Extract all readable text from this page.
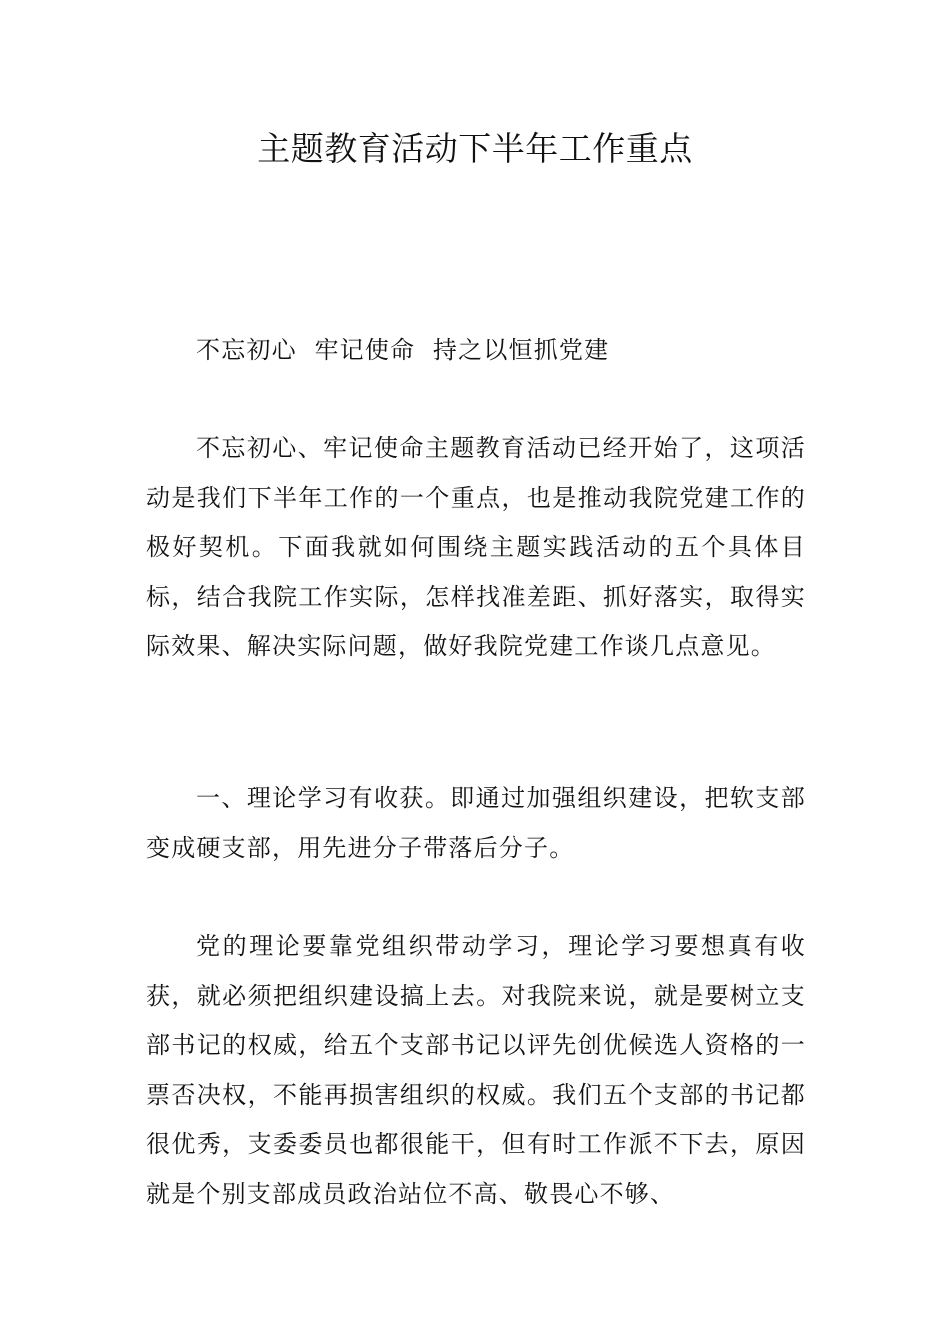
主题教育活动下半年工作重点

不忘初心  牢记使命  持之以恒抓党建

不忘初心、牢记使命主题教育活动已经开始了，这项活动是我们下半年工作的一个重点，也是推动我院党建工作的极好契机。下面我就如何围绕主题实践活动的五个具体目标，结合我院工作实际，怎样找准差距、抓好落实，取得实际效果、解决实际问题，做好我院党建工作谈几点意见。

一、理论学习有收获。即通过加强组织建设，把软支部变成硬支部，用先进分子带落后分子。

党的理论要靠党组织带动学习，理论学习要想真有收获，就必须把组织建设搞上去。对我院来说，就是要树立支部书记的权威，给五个支部书记以评先创优候选人资格的一票否决权，不能再损害组织的权威。我们五个支部的书记都很优秀，支委委员也都很能干，但有时工作派不下去，原因就是个别支部成员政治站位不高、敬畏心不够、
